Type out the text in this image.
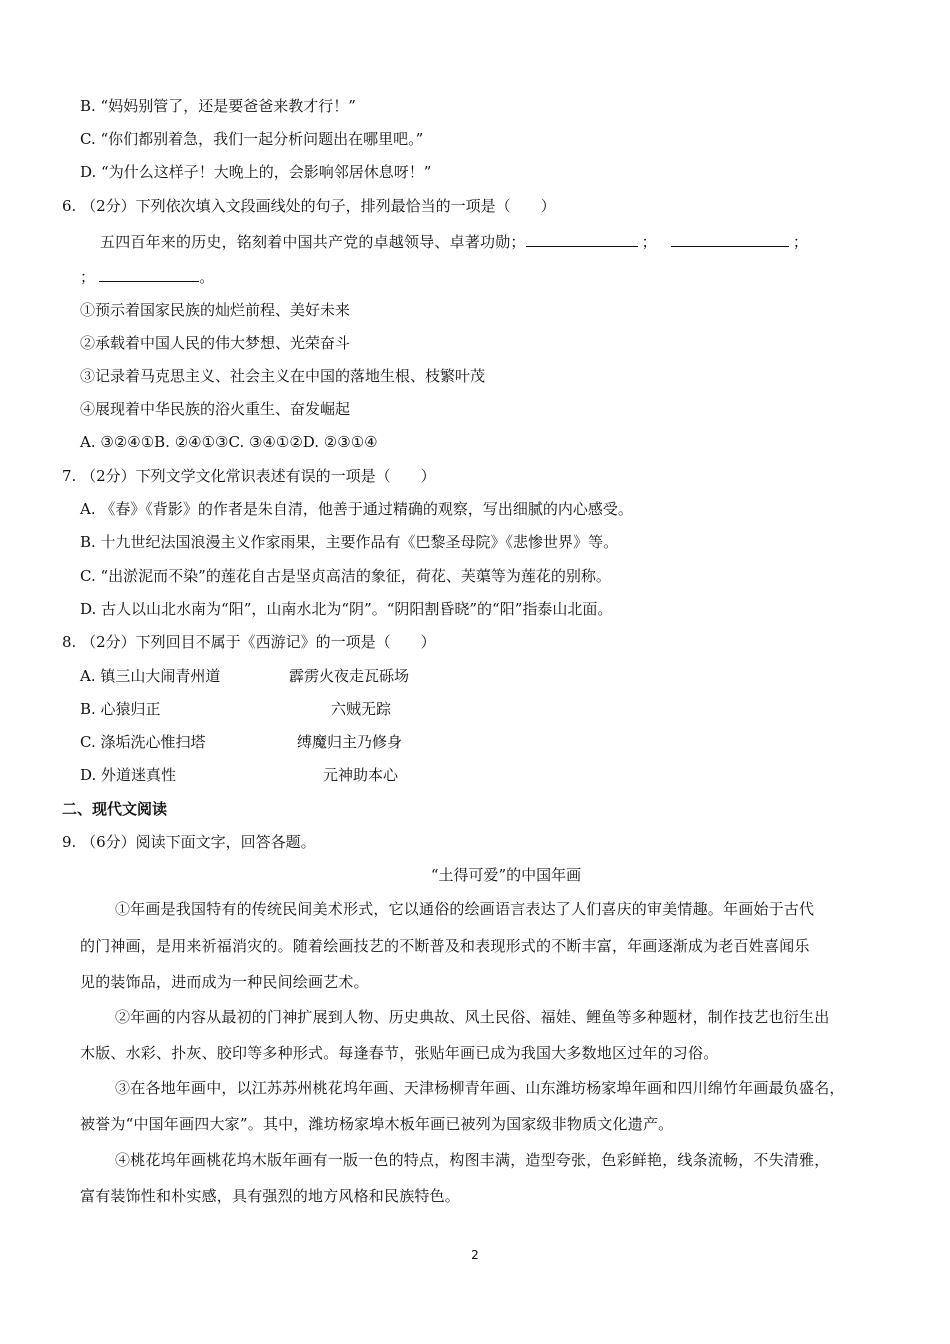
B. “妈妈别管了，还是要爸爸来教才行！”
C. “你们都别着急，我们一起分析问题出在哪里吧。”
D. “为什么这样子！大晚上的，会影响邻居休息呀！”
6. （2分）下列依次填入文段画线处的句子，排列最恰当的一项是（　　）
五四百年来的历史，铭刻着中国共产党的卓越领导、卓著功勋；	；	；
；	。
①预示着国家民族的灿烂前程、美好未来
②承载着中国人民的伟大梦想、光荣奋斗
③记录着马克思主义、社会主义在中国的落地生根、枝繁叶茂
④展现着中华民族的浴火重生、奋发崛起
A. ③②④①B. ②④①③C. ③④①②D. ②③①④
7. （2分）下列文学文化常识表述有误的一项是（　　）
A. 《春》《背影》的作者是朱自清，他善于通过精确的观察，写出细腻的内心感受。
B. 十九世纪法国浪漫主义作家雨果，主要作品有《巴黎圣母院》《悲惨世界》等。
C. “出淤泥而不染”的莲花自古是坚贞高洁的象征，荷花、芙蕖等为莲花的别称。
D. 古人以山北水南为“阳”，山南水北为“阴”。“阴阳割昏晓”的“阳”指泰山北面。
8. （2分）下列回目不属于《西游记》的一项是（　　）
A. 镇三山大闹青州道	霹雳火夜走瓦砾场
B. 心猿归正	六贼无踪
C. 涤垢洗心惟扫塔	缚魔归主乃修身
D. 外道迷真性	元神助本心
二、现代文阅读
9. （6分）阅读下面文字，回答各题。
“土得可爱”的中国年画
①年画是我国特有的传统民间美术形式，它以通俗的绘画语言表达了人们喜庆的审美情趣。年画始于古代
的门神画，是用来祈福消灾的。随着绘画技艺的不断普及和表现形式的不断丰富，年画逐渐成为老百姓喜闻乐
见的装饰品，进而成为一种民间绘画艺术。
②年画的内容从最初的门神扩展到人物、历史典故、风土民俗、福娃、鲤鱼等多种题材，制作技艺也衍生出
木版、水彩、扑灰、胶印等多种形式。每逢春节，张贴年画已成为我国大多数地区过年的习俗。
③在各地年画中，以江苏苏州桃花坞年画、天津杨柳青年画、山东潍坊杨家埠年画和四川绵竹年画最负盛名，
被誉为“中国年画四大家”。其中，潍坊杨家埠木板年画已被列为国家级非物质文化遗产。
④桃花坞年画桃花坞木版年画有一版一色的特点，构图丰满，造型夸张，色彩鲜艳，线条流畅，不失清雅，
富有装饰性和朴实感，具有强烈的地方风格和民族特色。
2
